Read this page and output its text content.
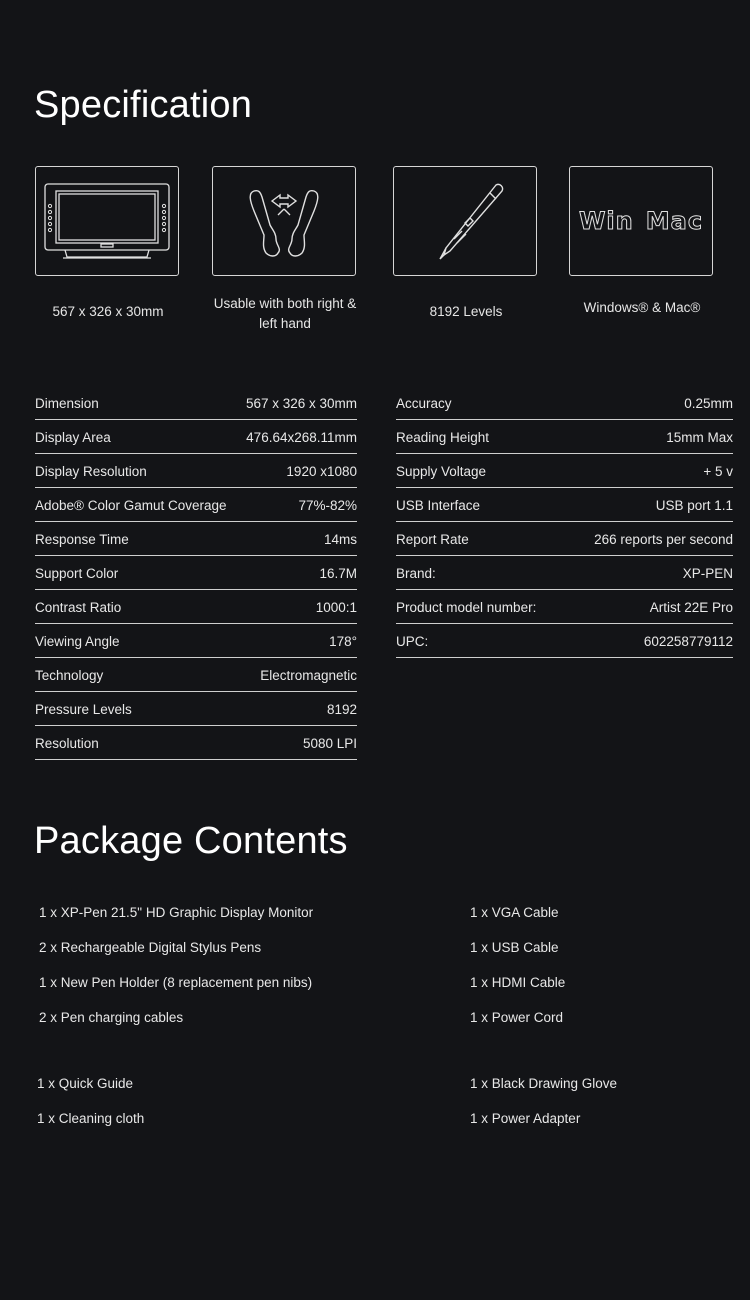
Specification
567 x 326 x 30mm
Usable with both right & left hand
8192 Levels
Win Mac
Windows® & Mac®
Dimension	567 x 326 x 30mm
Display Area	476.64x268.11mm
Display Resolution	1920 x1080
Adobe® Color Gamut Coverage	77%-82%
Response Time	14ms
Support Color	16.7M
Contrast Ratio	1000:1
Viewing Angle	178°
Technology	Electromagnetic
Pressure Levels	8192
Resolution	5080 LPI
Accuracy	0.25mm
Reading Height	15mm Max
Supply Voltage	+ 5 v
USB Interface	USB port 1.1
Report Rate	266 reports per second
Brand:	XP-PEN
Product model number:	Artist 22E Pro
UPC:	602258779112
Package Contents
1 x XP-Pen 21.5" HD Graphic Display Monitor
2 x Rechargeable Digital Stylus Pens
1 x New Pen Holder (8 replacement pen nibs)
2 x Pen charging cables
1 x Quick Guide
1 x Cleaning cloth
1 x VGA Cable
1 x USB Cable
1 x HDMI Cable
1 x Power Cord
1 x Black Drawing Glove
1 x Power Adapter
